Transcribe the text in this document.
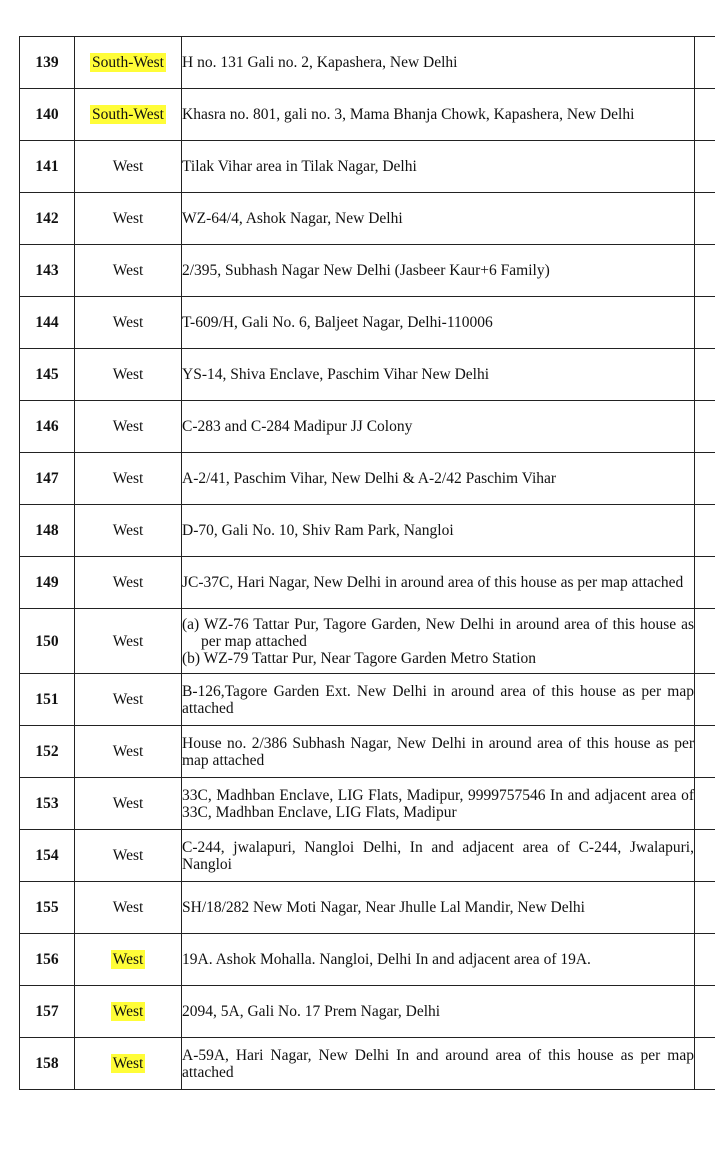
139	South-West	H no. 131 Gali no. 2, Kapashera, New Delhi	

140	South-West	Khasra no. 801, gali no. 3, Mama Bhanja Chowk, Kapashera, New Delhi	

141	West	Tilak Vihar area in Tilak Nagar, Delhi	

142	West	WZ-64/4, Ashok Nagar, New Delhi	

143	West	2/395, Subhash Nagar New Delhi (Jasbeer Kaur+6 Family)	

144	West	T-609/H, Gali No. 6, Baljeet Nagar, Delhi-110006	

145	West	YS-14, Shiva Enclave, Paschim Vihar New Delhi	

146	West	C-283 and C-284 Madipur JJ Colony	

147	West	A-2/41, Paschim Vihar, New Delhi & A-2/42 Paschim Vihar	

148	West	D-70, Gali No. 10, Shiv Ram Park, Nangloi	

149	West	JC-37C, Hari Nagar, New Delhi in around area of this house as per map attached	

150	West	(a) WZ-76 Tattar Pur, Tagore Garden, New Delhi in around area of this house as per map attached
(b) WZ-79 Tattar Pur, Near Tagore Garden Metro Station	

151	West	B-126,Tagore Garden Ext. New Delhi in around area of this house as per map attached	

152	West	House no. 2/386 Subhash Nagar, New Delhi in around area of this house as per map attached	

153	West	33C, Madhban Enclave, LIG Flats, Madipur, 9999757546 In and adjacent area of 33C, Madhban Enclave, LIG Flats, Madipur	

154	West	C-244, jwalapuri, Nangloi Delhi, In and adjacent area of C-244, Jwalapuri, Nangloi	

155	West	SH/18/282 New Moti Nagar, Near Jhulle Lal Mandir, New Delhi	

156	West	19A. Ashok Mohalla. Nangloi, Delhi In and adjacent area of 19A.	

157	West	2094, 5A, Gali No. 17 Prem Nagar, Delhi	

158	West	A-59A, Hari Nagar, New Delhi In and around area of this house as per map attached	
